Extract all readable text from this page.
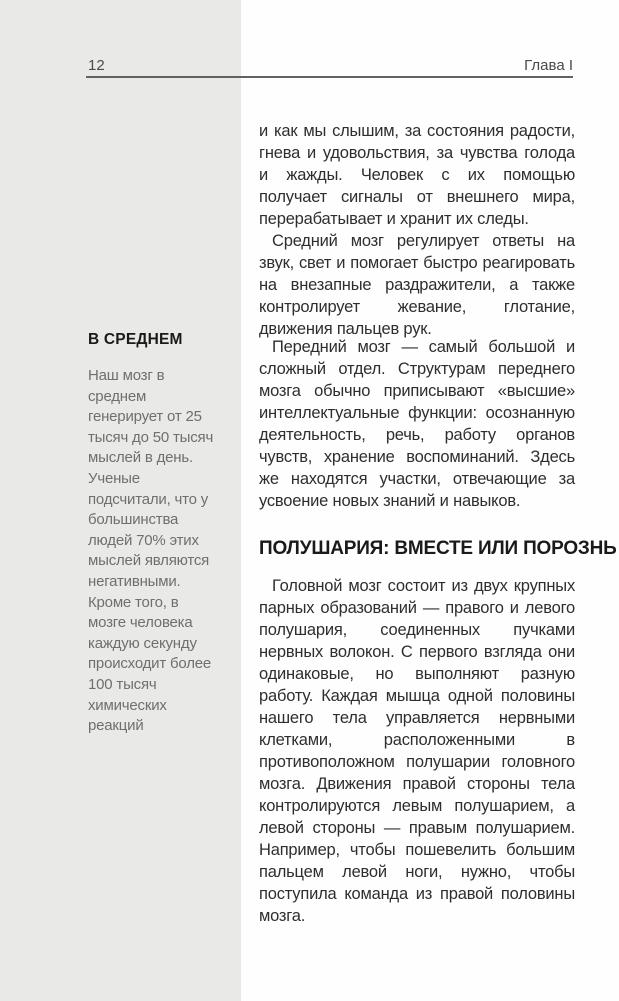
12	Глава I
В СРЕДНЕМ
Наш мозг в среднем генерирует от 25 тысяч до 50 тысяч мыслей в день. Ученые подсчитали, что у большинства людей 70% этих мыслей являются негативными. Кроме того, в мозге человека каждую секунду происходит более 100 тысяч химических реакций

и как мы слышим, за состояния радости, гнева и удовольствия, за чувства голода и жажды. Человек с их помощью получает сигналы от внешнего мира, перерабатывает и хранит их следы.

Средний мозг регулирует ответы на звук, свет и помогает быстро реагировать на внезапные раздражители, а также контролирует жевание, глотание, движения пальцев рук.

Передний мозг — самый большой и сложный отдел. Структурам переднего мозга обычно приписывают «высшие» интеллектуальные функции: осознанную деятельность, речь, работу органов чувств, хранение воспоминаний. Здесь же находятся участки, отвечающие за усвоение новых знаний и навыков.

ПОЛУШАРИЯ: ВМЕСТЕ ИЛИ ПОРОЗНЬ

Головной мозг состоит из двух крупных парных образований — правого и левого полушария, соединенных пучками нервных волокон. С первого взгляда они одинаковые, но выполняют разную работу. Каждая мышца одной половины нашего тела управляется нервными клетками, расположенными в противоположном полушарии головного мозга. Движения правой стороны тела контролируются левым полушарием, а левой стороны — правым полушарием. Например, чтобы пошевелить большим пальцем левой ноги, нужно, чтобы поступила команда из правой половины мозга.
